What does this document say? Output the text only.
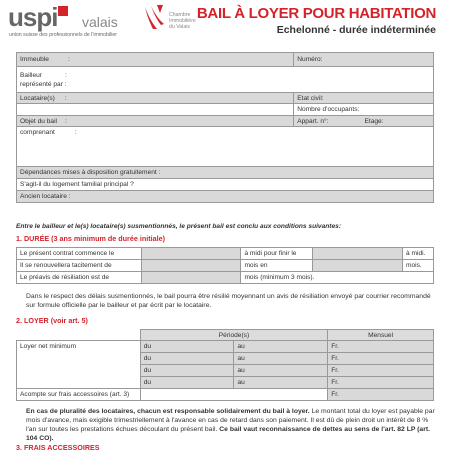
uspi	valais
union suisse des professionnels de l'immobilier
Chambre
Immobilière
du Valais
BAIL À LOYER POUR HABITATION
Echelonné - durée indéterminée
Immeuble :	Numéro:

Bailleur :
représenté par :	

Locataire(s) :	Etat civil:
	Nombre d'occupants:
Objet du bail :	Appart. n°: Etage:
comprenant :	
Dépendances mises à disposition gratuitement :	
S'agit-il du logement familial principal ?	
Ancien locataire :	
Entre le bailleur et le(s) locataire(s) susmentionnés, le présent bail est conclu aux conditions suivantes:
1. DURÉE (3 ans minimum de durée initiale)
Le présent contrat commence le		à midi pour finir le		à midi.
Il se renouvellera tacitement de		mois en		mois.
Le préavis de résiliation est de		mois (minimum 3 mois).		
Dans le respect des délais susmentionnés, le bail pourra être résilié moyennant un avis de résiliation envoyé par courrier recommandé sur formule officielle par le bailleur et par écrit par le locataire.
2. LOYER (voir art. 5)
	Période(s)		Mensuel
Loyer net minimum	du	au	Fr.
	du	au	Fr.
	du	au	Fr.
	du	au	Fr.
Acompte sur frais accessoires (art. 3)			Fr.
En cas de pluralité des locataires, chacun est responsable solidairement du bail à loyer. Le montant total du loyer est payable par mois d'avance, mais exigible trimestriellement à l'avance en cas de retard dans son paiement. Il est dû de plein droit un intérêt de 8 % l'an sur toutes les prestations échues découlant du présent bail. Ce bail vaut reconnaissance de dettes au sens de l'art. 82 LP (art. 104 CO).
3. FRAIS ACCESSOIRES
